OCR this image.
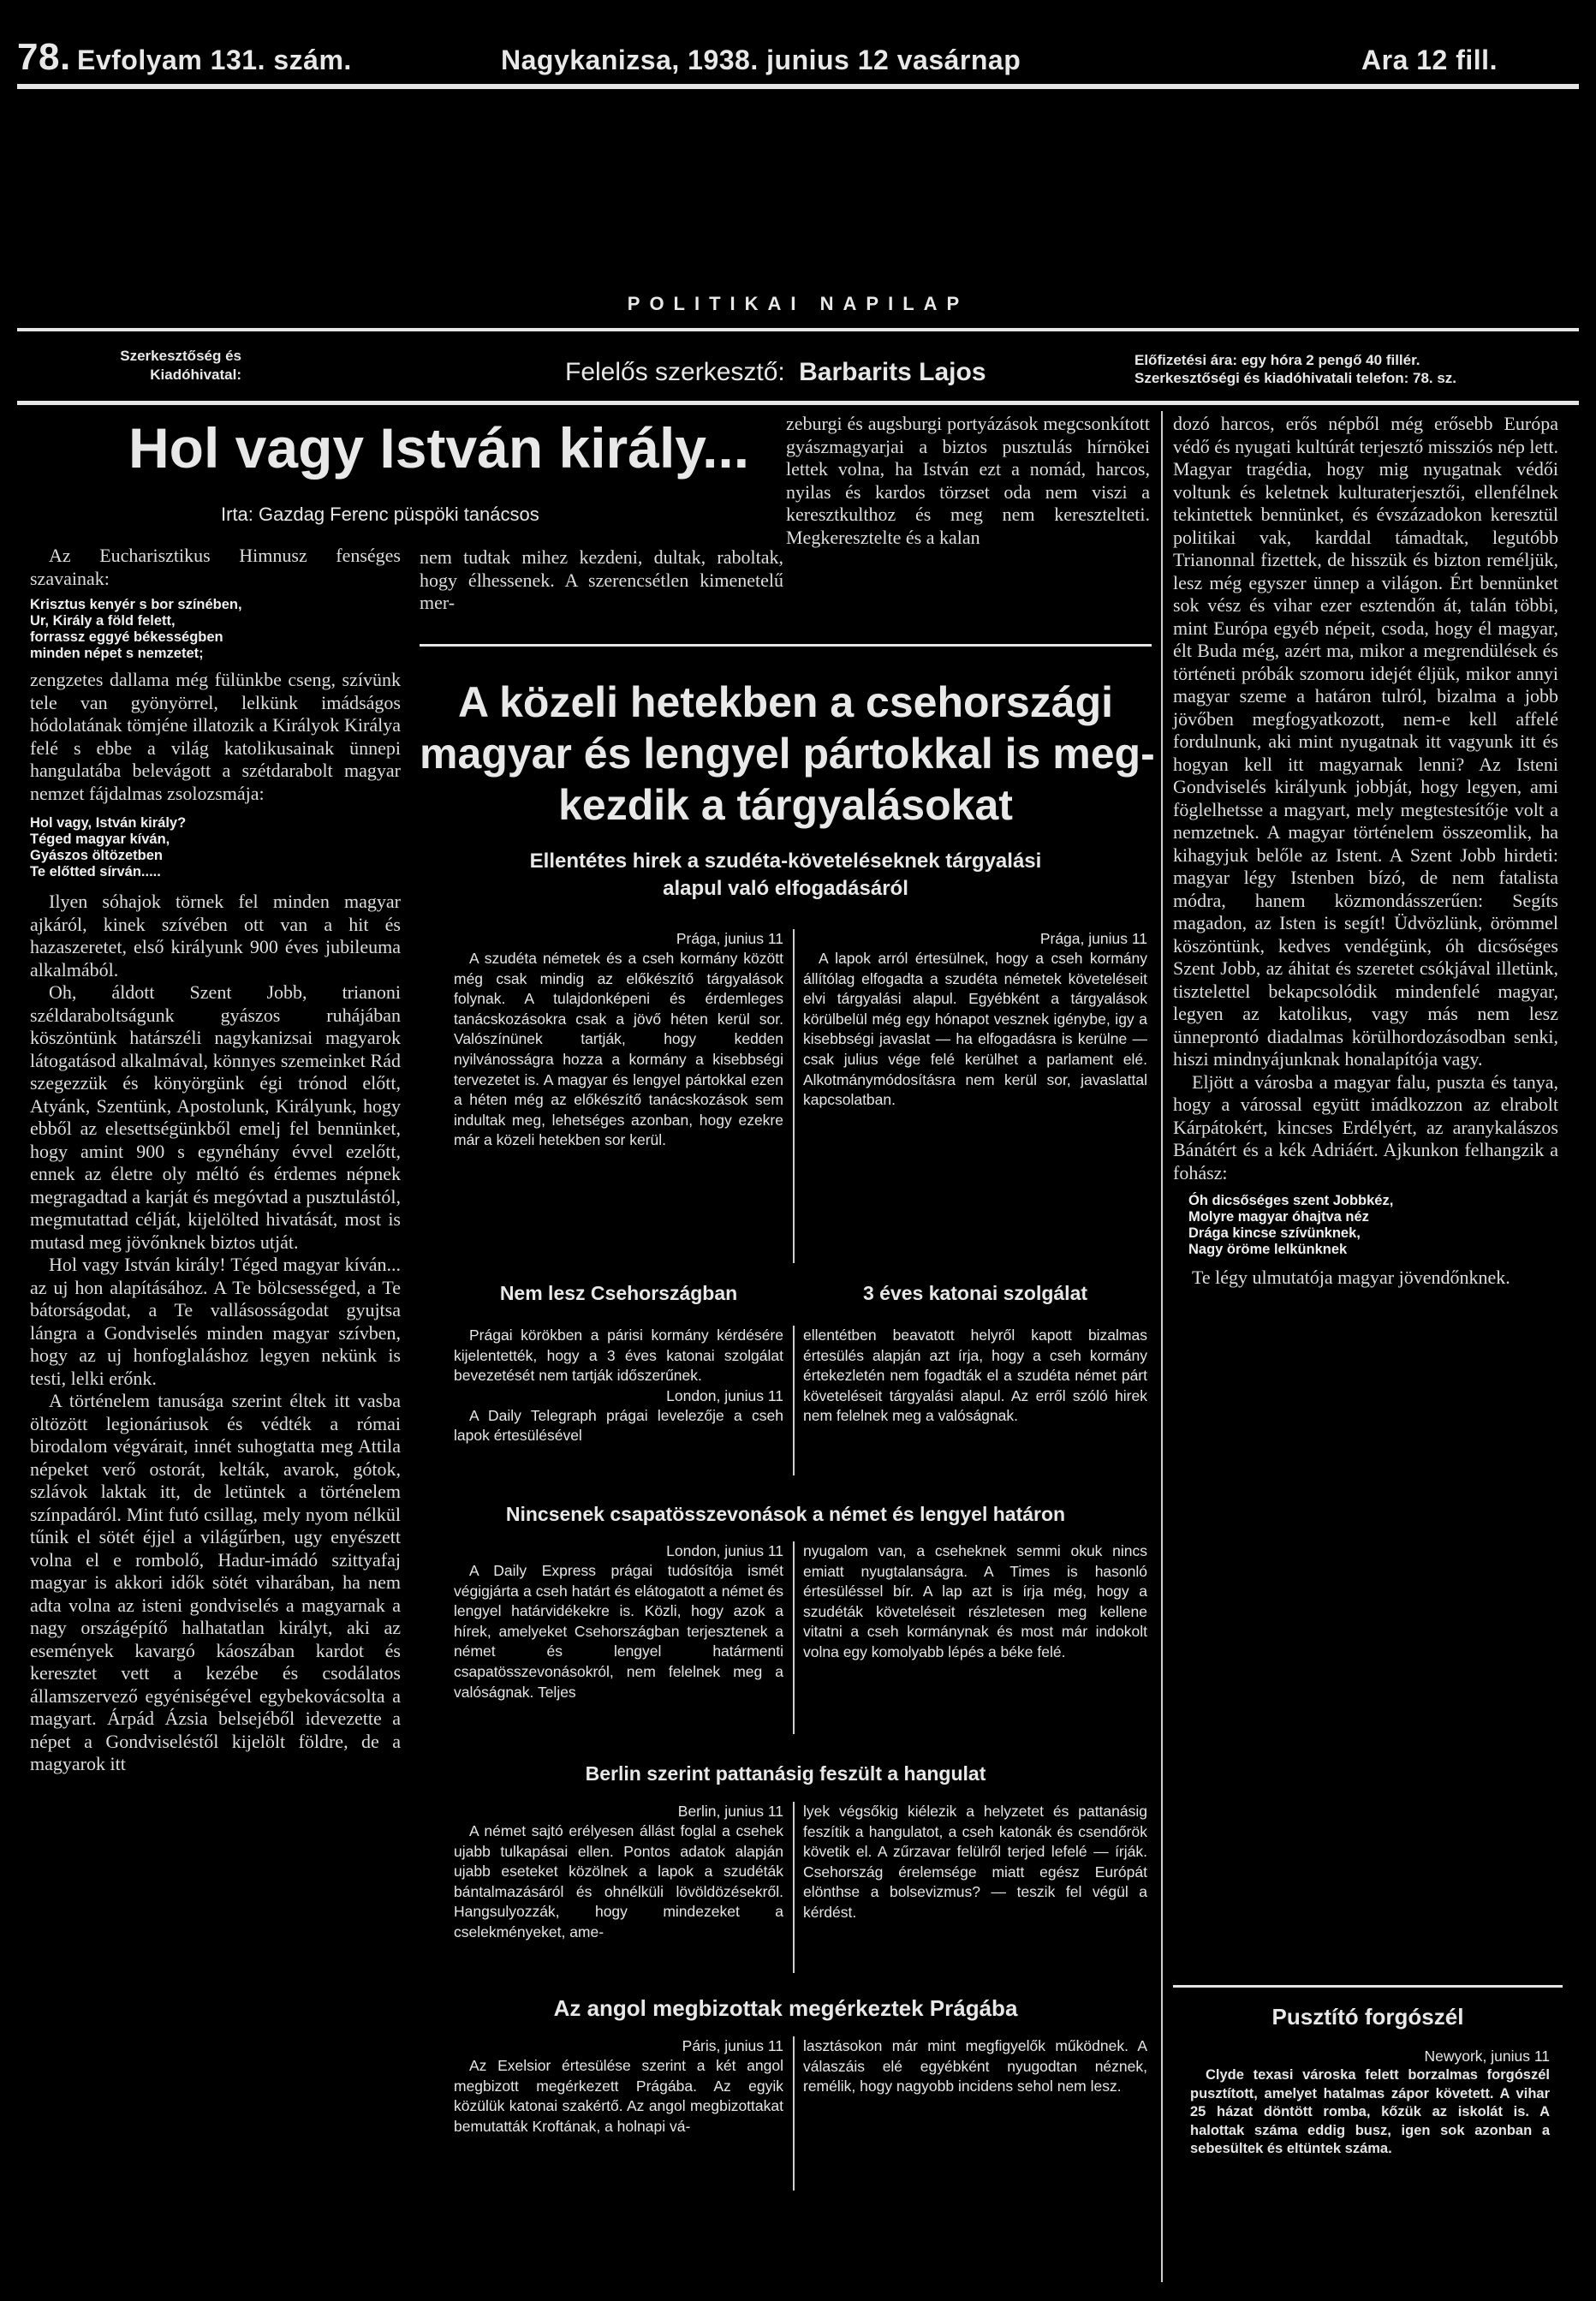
78. Evfolyam 131. szám.	Nagykanizsa, 1938. junius 12 vasárnap	Ara 12 fill.
POLITIKAI NAPILAP
Szerkesztőség és
Kiadóhivatal:	Felelős szerkesztő: Barbarits Lajos	Előfizetési ára: egy hóra 2 pengő 40 fillér.
Szerkesztőségi és kiadóhivatali telefon: 78. sz.
Hol vagy István király...
Irta: Gazdag Ferenc püspöki tanácsos

Az Eucharisztikus Himnusz fenséges szavainak:

Krisztus kenyér s bor színében,
Ur, Király a föld felett,
forrassz eggyé békességben
minden népet s nemzetet;

zengzetes dallama még fülünkbe cseng, szívünk tele van gyönyörrel, lelkünk imádságos hódolatának tömjéne illatozik a Királyok Királya felé s ebbe a világ katolikusainak ünnepi hangulatába belevágott a szétdarabolt magyar nemzet fájdalmas zsolozsmája:

Hol vagy, István király?
Téged magyar kíván,
Gyászos öltözetben
Te előtted sírván.....

Ilyen sóhajok törnek fel minden magyar ajkáról, kinek szívében ott van a hit és hazaszeretet, első királyunk 900 éves jubileuma alkalmából.

Oh, áldott Szent Jobb, trianoni széldaraboltságunk gyászos ruhájában köszöntünk határszéli nagykanizsai magyarok látogatásod alkalmával, könnyes szemeinket Rád szegezzük és könyörgünk égi trónod előtt, Atyánk, Szentünk, Apostolunk, Királyunk, hogy ebből az elesettségünkből emelj fel bennünket, hogy amint 900 s egynéhány évvel ezelőtt, ennek az életre oly méltó és érdemes népnek megragadtad a karját és megóvtad a pusztulástól, megmutattad célját, kijelölted hivatását, most is mutasd meg jövőnknek biztos utját.

Hol vagy István király! Téged magyar kíván... az uj hon alapításához. A Te bölcsességed, a Te bátorságodat, a Te vallásosságodat gyujtsa lángra a Gondviselés minden magyar szívben, hogy az uj honfoglaláshoz legyen nekünk is testi, lelki erőnk.

A történelem tanusága szerint éltek itt vasba öltözött legionáriusok és védték a római birodalom végvárait, innét suhogtatta meg Attila népeket verő ostorát, kelták, avarok, gótok, szlávok laktak itt, de letüntek a történelem színpadáról. Mint futó csillag, mely nyom nélkül tűnik el sötét éjjel a világűrben, ugy enyészett volna el e rombolő, Hadur-imádó szittyafaj magyar is akkori idők sötét viharában, ha nem adta volna az isteni gondviselés a magyarnak a nagy országépítő halhatatlan királyt, aki az események kavargó káoszában kardot és keresztet vett a kezébe és csodálatos államszervező egyéniségével egybekovácsolta a magyart. Árpád Ázsia belsejéből idevezette a népet a Gondviseléstől kijelölt földre, de a magyarok itt

nem tudtak mihez kezdeni, dultak, raboltak, hogy élhessenek. A szerencsétlen kimenetelű mer-

zeburgi és augsburgi portyázások megcsonkított gyászmagyarjai a biztos pusztulás hírnökei lettek volna, ha István ezt a nomád, harcos, nyilas és kardos törzset oda nem viszi a keresztkulthoz és meg nem keresztelteti. Megkeresztelte és a kalan

A közeli hetekben a csehországi
magyar és lengyel pártokkal is meg-
kezdik a tárgyalásokat
Ellentétes hirek a szudéta-követeléseknek tárgyalási
alapul való elfogadásáról
Prága, junius 11

A szudéta németek és a cseh kormány között még csak mindig az előkészítő tárgyalások folynak. A tulajdonképeni és érdemleges tanácskozásokra csak a jövő héten kerül sor. Valószínünek tartják, hogy kedden nyilvánosságra hozza a kormány a kisebbségi tervezetet is. A magyar és lengyel pártokkal ezen a héten még az előkészítő tanácskozások sem indultak meg, lehetséges azonban, hogy ezekre már a közeli hetekben sor kerül.

Prága, junius 11

A lapok arról értesülnek, hogy a cseh kormány állítólag elfogadta a szudéta németek követeléseit elvi tárgyalási alapul. Egyébként a tárgyalások körülbelül még egy hónapot vesznek igénybe, igy a kisebbségi javaslat — ha elfogadásra is kerülne — csak julius vége felé kerülhet a parlament elé. Alkotmánymódosításra nem kerül sor, javaslattal kapcsolatban.

Nem lesz Csehországban	3 éves katonai szolgálat

Prágai körökben a párisi kormány kérdésére kijelentették, hogy a 3 éves katonai szolgálat bevezetését nem tartják időszerűnek.

London, junius 11

A Daily Telegraph prágai levelezője a cseh lapok értesülésével

ellentétben beavatott helyről kapott bizalmas értesülés alapján azt írja, hogy a cseh kormány értekezletén nem fogadták el a szudéta német párt követeléseit tárgyalási alapul. Az erről szóló hirek nem felelnek meg a valóságnak.

Nincsenek csapatösszevonások a német és lengyel határon
London, junius 11

A Daily Express prágai tudósítója ismét végigjárta a cseh határt és elátogatott a német és lengyel határvidékekre is. Közli, hogy azok a hírek, amelyeket Csehországban terjesztenek a német és lengyel határmenti csapatösszevonásokról, nem felelnek meg a valóságnak. Teljes

nyugalom van, a cseheknek semmi okuk nincs emiatt nyugtalanságra. A Times is hasonló értesüléssel bír. A lap azt is írja még, hogy a szudéták követeléseit részletesen meg kellene vitatni a cseh kormánynak és most már indokolt volna egy komolyabb lépés a béke felé.

Berlin szerint pattanásig feszült a hangulat
Berlin, junius 11

A német sajtó erélyesen állást foglal a csehek ujabb tulkapásai ellen. Pontos adatok alapján ujabb eseteket közölnek a lapok a szudéták bántalmazásáról és ohnélküli lövöldözésekről. Hangsulyozzák, hogy mindezeket a cselekményeket, ame-

lyek végsőkig kiélezik a helyzetet és pattanásig feszítik a hangulatot, a cseh katonák és csendőrök követik el. A zűrzavar felülről terjed lefelé — írják. Csehország érelemsége miatt egész Európát elönthse a bolsevizmus? — teszik fel végül a kérdést.

Az angol megbizottak megérkeztek Prágába
Páris, junius 11

Az Exelsior értesülése szerint a két angol megbizott megérkezett Prágába. Az egyik közülük katonai szakértő. Az angol megbizottakat bemutatták Kroftának, a holnapi vá-

lasztásokon már mint megfigyelők működnek. A válaszáis elé egyébként nyugodtan néznek, remélik, hogy nagyobb incidens sehol nem lesz.

dozó harcos, erős népből még erősebb Európa védő és nyugati kultúrát terjesztő missziós nép lett. Magyar tragédia, hogy mig nyugatnak védői voltunk és keletnek kulturaterjesztői, ellenfélnek tekintettek bennünket, és évszázadokon keresztül politikai vak, karddal támadtak, legutóbb Trianonnal fizettek, de hisszük és bizton reméljük, lesz még egyszer ünnep a világon. Ért bennünket sok vész és vihar ezer esztendőn át, talán többi, mint Európa egyéb népeit, csoda, hogy él magyar, élt Buda még, azért ma, mikor a megrendülések és történeti próbák szomoru idejét éljük, mikor annyi magyar szeme a határon tulról, bizalma a jobb jövőben megfogyatkozott, nem-e kell affelé fordulnunk, aki mint nyugatnak itt vagyunk itt és hogyan kell itt magyarnak lenni? Az Isteni Gondviselés királyunk jobbját, hogy legyen, ami föglelhetsse a magyart, mely megtestesítője volt a nemzetnek. A magyar történelem összeomlik, ha kihagyjuk belőle az Istent. A Szent Jobb hirdeti: magyar légy Istenben bízó, de nem fatalista módra, hanem közmondásszerűen: Segíts magadon, az Isten is segít! Üdvözlünk, örömmel köszöntünk, kedves vendégünk, óh dicsőséges Szent Jobb, az áhitat és szeretet csókjával illetünk, tisztelettel bekapcsolódik mindenfelé magyar, legyen az katolikus, vagy más nem lesz ünneprontó diadalmas körülhordozásodban senki, hiszi mindnyájunknak honalapítója vagy.

Eljött a városba a magyar falu, puszta és tanya, hogy a várossal együtt imádkozzon az elrabolt Kárpátokért, kincses Erdélyért, az aranykalászos Bánátért és a kék Adriáért. Ajkunkon felhangzik a fohász:

Óh dicsőséges szent Jobbkéz,
Molyre magyar óhajtva néz
Drága kincse szívünknek,
Nagy öröme lelkünknek

Te légy ulmutatója magyar jövendőnknek.

Pusztító forgószél
Newyork, junius 11

Clyde texasi városka felett borzalmas forgószél pusztított, amelyet hatalmas zápor követett. A vihar 25 házat döntött romba, kőzük az iskolát is. A halottak száma eddig busz, igen sok azonban a sebesültek és eltüntek száma.
